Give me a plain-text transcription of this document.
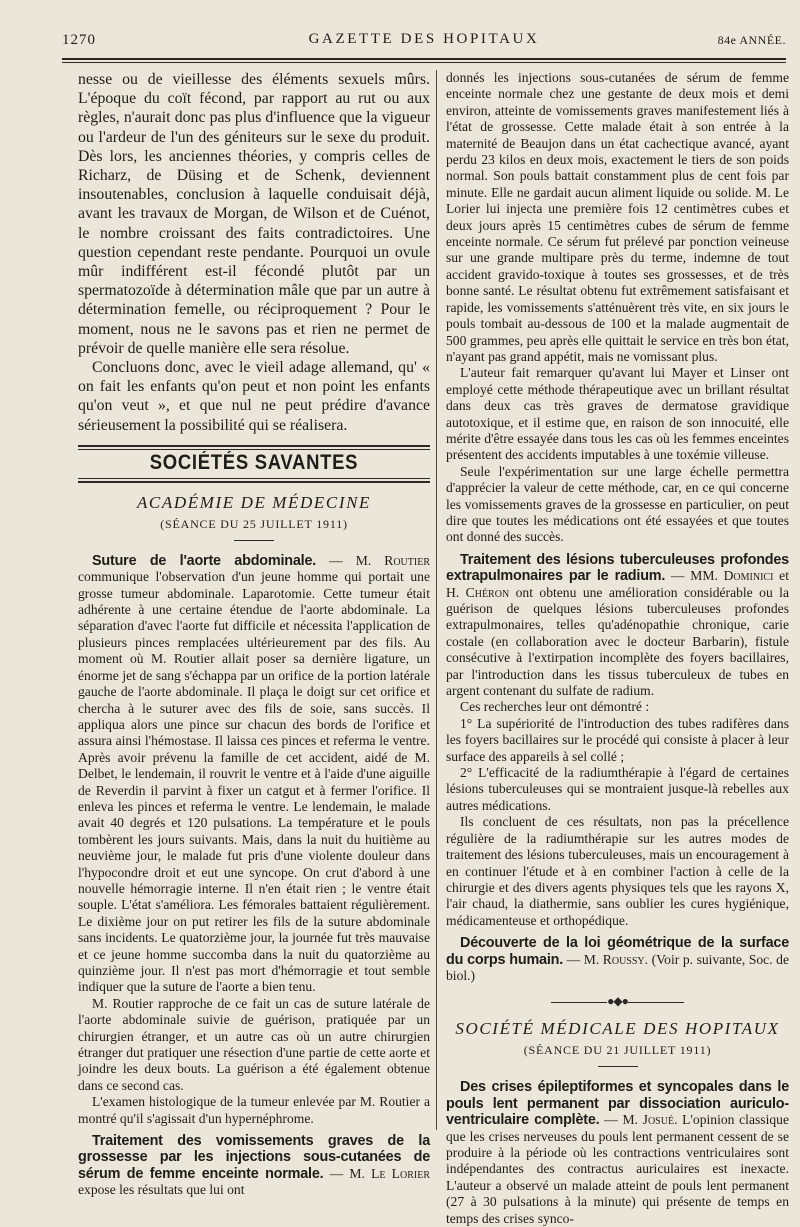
1270	GAZETTE DES HOPITAUX	84e ANNÉE.

nesse ou de vieillesse des éléments sexuels mûrs. L'époque du coït fécond, par rapport au rut ou aux règles, n'aurait donc pas plus d'influence que la vigueur ou l'ardeur de l'un des géniteurs sur le sexe du produit. Dès lors, les anciennes théories, y compris celles de Richarz, de Düsing et de Schenk, deviennent insoutenables, conclusion à laquelle conduisait déjà, avant les travaux de Morgan, de Wilson et de Cuénot, le nombre croissant des faits contradictoires. Une question cependant reste pendante. Pourquoi un ovule mûr indifférent est-il fécondé plutôt par un spermatozoïde à détermination mâle que par un autre à détermination femelle, ou réciproquement ? Pour le moment, nous ne le savons pas et rien ne permet de prévoir de quelle manière elle sera résolue.

Concluons donc, avec le vieil adage allemand, qu' « on fait les enfants qu'on peut et non point les enfants qu'on veut », et que nul ne peut prédire d'avance sérieusement la possibilité qui se réalisera.

SOCIÉTÉS SAVANTES
ACADÉMIE DE MÉDECINE
(SÉANCE DU 25 JUILLET 1911)

Suture de l'aorte abdominale. — M. Routier communique l'observation d'un jeune homme qui portait une grosse tumeur abdominale. Laparotomie. Cette tumeur était adhérente à une certaine étendue de l'aorte abdominale. La séparation d'avec l'aorte fut difficile et nécessita l'application de plusieurs pinces remplacées ultérieurement par des fils. Au moment où M. Routier allait poser sa dernière ligature, un énorme jet de sang s'échappa par un orifice de la portion latérale gauche de l'aorte abdominale. Il plaça le doigt sur cet orifice et chercha à le suturer avec des fils de soie, sans succès. Il appliqua alors une pince sur chacun des bords de l'orifice et assura ainsi l'hémostase. Il laissa ces pinces et referma le ventre. Après avoir prévenu la famille de cet accident, aidé de M. Delbet, le lendemain, il rouvrit le ventre et à l'aide d'une aiguille de Reverdin il parvint à fixer un catgut et à fermer l'orifice. Il enleva les pinces et referma le ventre. Le lendemain, le malade avait 40 degrés et 120 pulsations. La température et le pouls tombèrent les jours suivants. Mais, dans la nuit du huitième au neuvième jour, le malade fut pris d'une violente douleur dans l'hypocondre droit et eut une syncope. On crut d'abord à une nouvelle hémorragie interne. Il n'en était rien ; le ventre était souple. L'état s'améliora. Les fémorales battaient régulièrement. Le dixième jour on put retirer les fils de la suture abdominale sans incidents. Le quatorzième jour, la journée fut très mauvaise et ce jeune homme succomba dans la nuit du quatorzième au quinzième jour. Il n'est pas mort d'hémorragie et tout semble indiquer que la suture de l'aorte a bien tenu.

M. Routier rapproche de ce fait un cas de suture latérale de l'aorte abdominale suivie de guérison, pratiquée par un chirurgien étranger, et un autre cas où un autre chirurgien étranger dut pratiquer une résection d'une partie de cette aorte et joindre les deux bouts. La guérison a été également obtenue dans ce second cas.

L'examen histologique de la tumeur enlevée par M. Routier a montré qu'il s'agissait d'un hypernéphrome.

Traitement des vomissements graves de la grossesse par les injections sous-cutanées de sérum de femme enceinte normale. — M. Le Lorier expose les résultats que lui ont

donnés les injections sous-cutanées de sérum de femme enceinte normale chez une gestante de deux mois et demi environ, atteinte de vomissements graves manifestement liés à l'état de grossesse. Cette malade était à son entrée à la maternité de Beaujon dans un état cachectique avancé, ayant perdu 23 kilos en deux mois, exactement le tiers de son poids normal. Son pouls battait constamment plus de cent fois par minute. Elle ne gardait aucun aliment liquide ou solide. M. Le Lorier lui injecta une première fois 12 centimètres cubes et deux jours après 15 centimètres cubes de sérum de femme enceinte normale. Ce sérum fut prélevé par ponction veineuse sur une grande multipare près du terme, indemne de tout accident gravido-toxique à toutes ses grossesses, et de très bonne santé. Le résultat obtenu fut extrêmement satisfaisant et rapide, les vomissements s'atténuèrent très vite, en six jours le pouls tombait au-dessous de 100 et la malade augmentait de 500 grammes, peu après elle quittait le service en très bon état, n'ayant pas grand appétit, mais ne vomissant plus.

L'auteur fait remarquer qu'avant lui Mayer et Linser ont employé cette méthode thérapeutique avec un brillant résultat dans deux cas très graves de dermatose gravidique autotoxique, et il estime que, en raison de son innocuité, elle mérite d'être essayée dans tous les cas où les femmes enceintes présentent des accidents imputables à une toxémie villeuse.

Seule l'expérimentation sur une large échelle permettra d'apprécier la valeur de cette méthode, car, en ce qui concerne les vomissements graves de la grossesse en particulier, on peut dire que toutes les médications ont été essayées et que toutes ont donné des succès.

Traitement des lésions tuberculeuses profondes extrapulmonaires par le radium. — MM. Dominici et H. Chéron ont obtenu une amélioration considérable ou la guérison de quelques lésions tuberculeuses profondes extrapulmonaires, telles qu'adénopathie chronique, carie costale (en collaboration avec le docteur Barbarin), fistule consécutive à l'extirpation incomplète des foyers bacillaires, par l'introduction dans les tissus tuberculeux de tubes en argent contenant du sulfate de radium.

Ces recherches leur ont démontré :

1° La supériorité de l'introduction des tubes radifères dans les foyers bacillaires sur le procédé qui consiste à placer à leur surface des appareils à sel collé ;

2° L'efficacité de la radiumthérapie à l'égard de certaines lésions tuberculeuses qui se montraient jusque-là rebelles aux autres médications.

Ils concluent de ces résultats, non pas la précellence régulière de la radiumthérapie sur les autres modes de traitement des lésions tuberculeuses, mais un encouragement à en continuer l'étude et à en combiner l'action à celle de la chirurgie et des divers agents physiques tels que les rayons X, l'air chaud, la diathermie, sans oublier les cures hygiénique, médicamenteuse et orthopédique.

Découverte de la loi géométrique de la surface du corps humain. — M. Roussy. (Voir p. suivante, Soc. de biol.)

●◆●
SOCIÉTÉ MÉDICALE DES HOPITAUX
(SÉANCE DU 21 JUILLET 1911)

Des crises épileptiformes et syncopales dans le pouls lent permanent par dissociation auriculo-ventriculaire complète. — M. Josué. L'opinion classique que les crises nerveuses du pouls lent permanent cessent de se produire à la période où les contractions ventriculaires sont indépendantes des contractus auriculaires est inexacte. L'auteur a observé un malade atteint de pouls lent permanent (27 à 30 pulsations à la minute) qui présente de temps en temps des crises synco-
